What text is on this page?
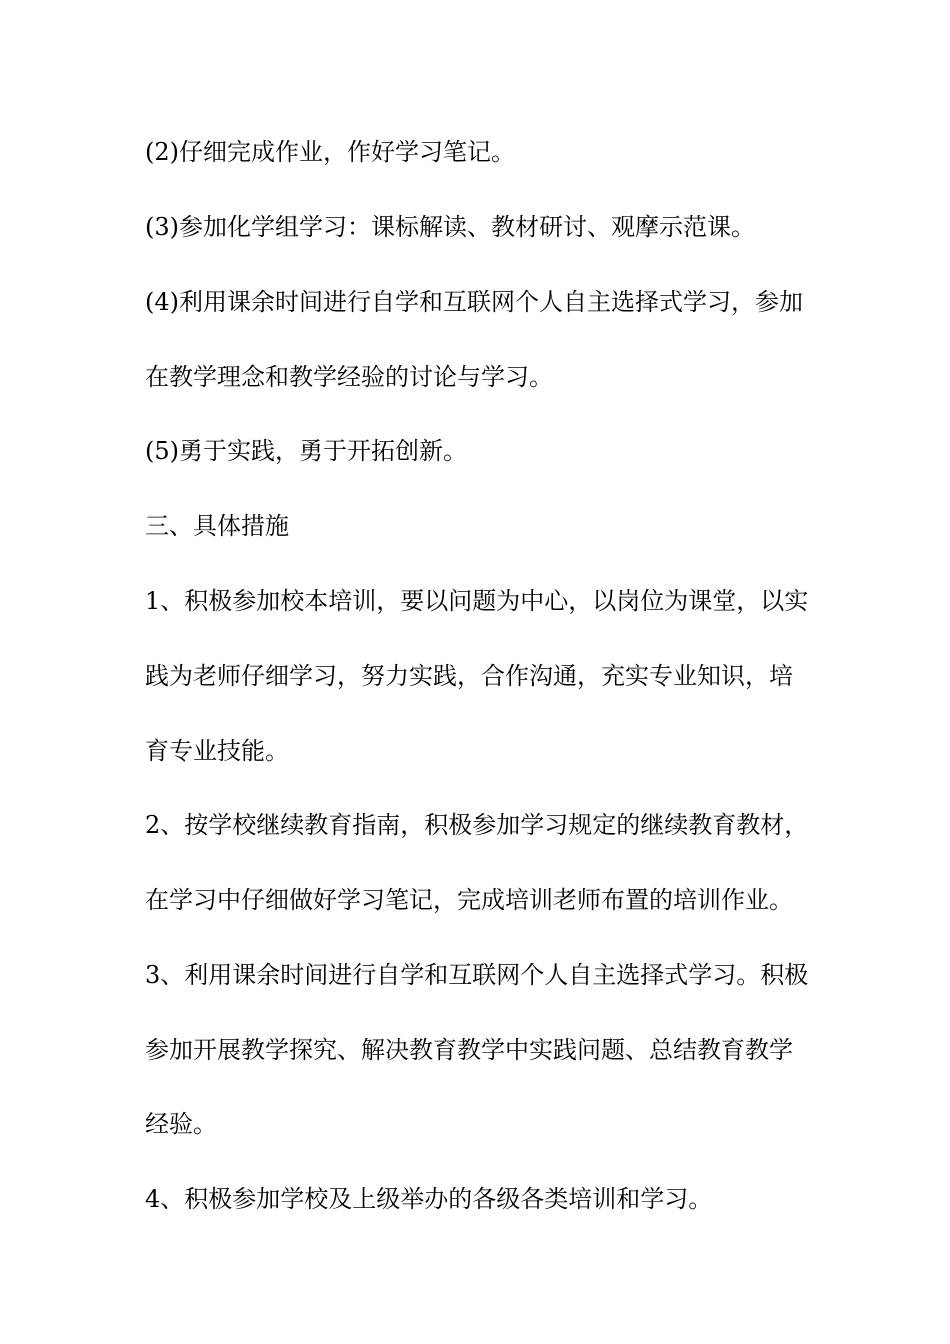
(2)仔细完成作业，作好学习笔记。

(3)参加化学组学习：课标解读、教材研讨、观摩示范课。

(4)利用课余时间进行自学和互联网个人自主选择式学习，参加

在教学理念和教学经验的讨论与学习。

(5)勇于实践，勇于开拓创新。

三、具体措施

1、积极参加校本培训，要以问题为中心，以岗位为课堂，以实

践为老师仔细学习，努力实践，合作沟通，充实专业知识，培

育专业技能。

2、按学校继续教育指南，积极参加学习规定的继续教育教材，

在学习中仔细做好学习笔记，完成培训老师布置的培训作业。

3、利用课余时间进行自学和互联网个人自主选择式学习。积极

参加开展教学探究、解决教育教学中实践问题、总结教育教学

经验。

4、积极参加学校及上级举办的各级各类培训和学习。
